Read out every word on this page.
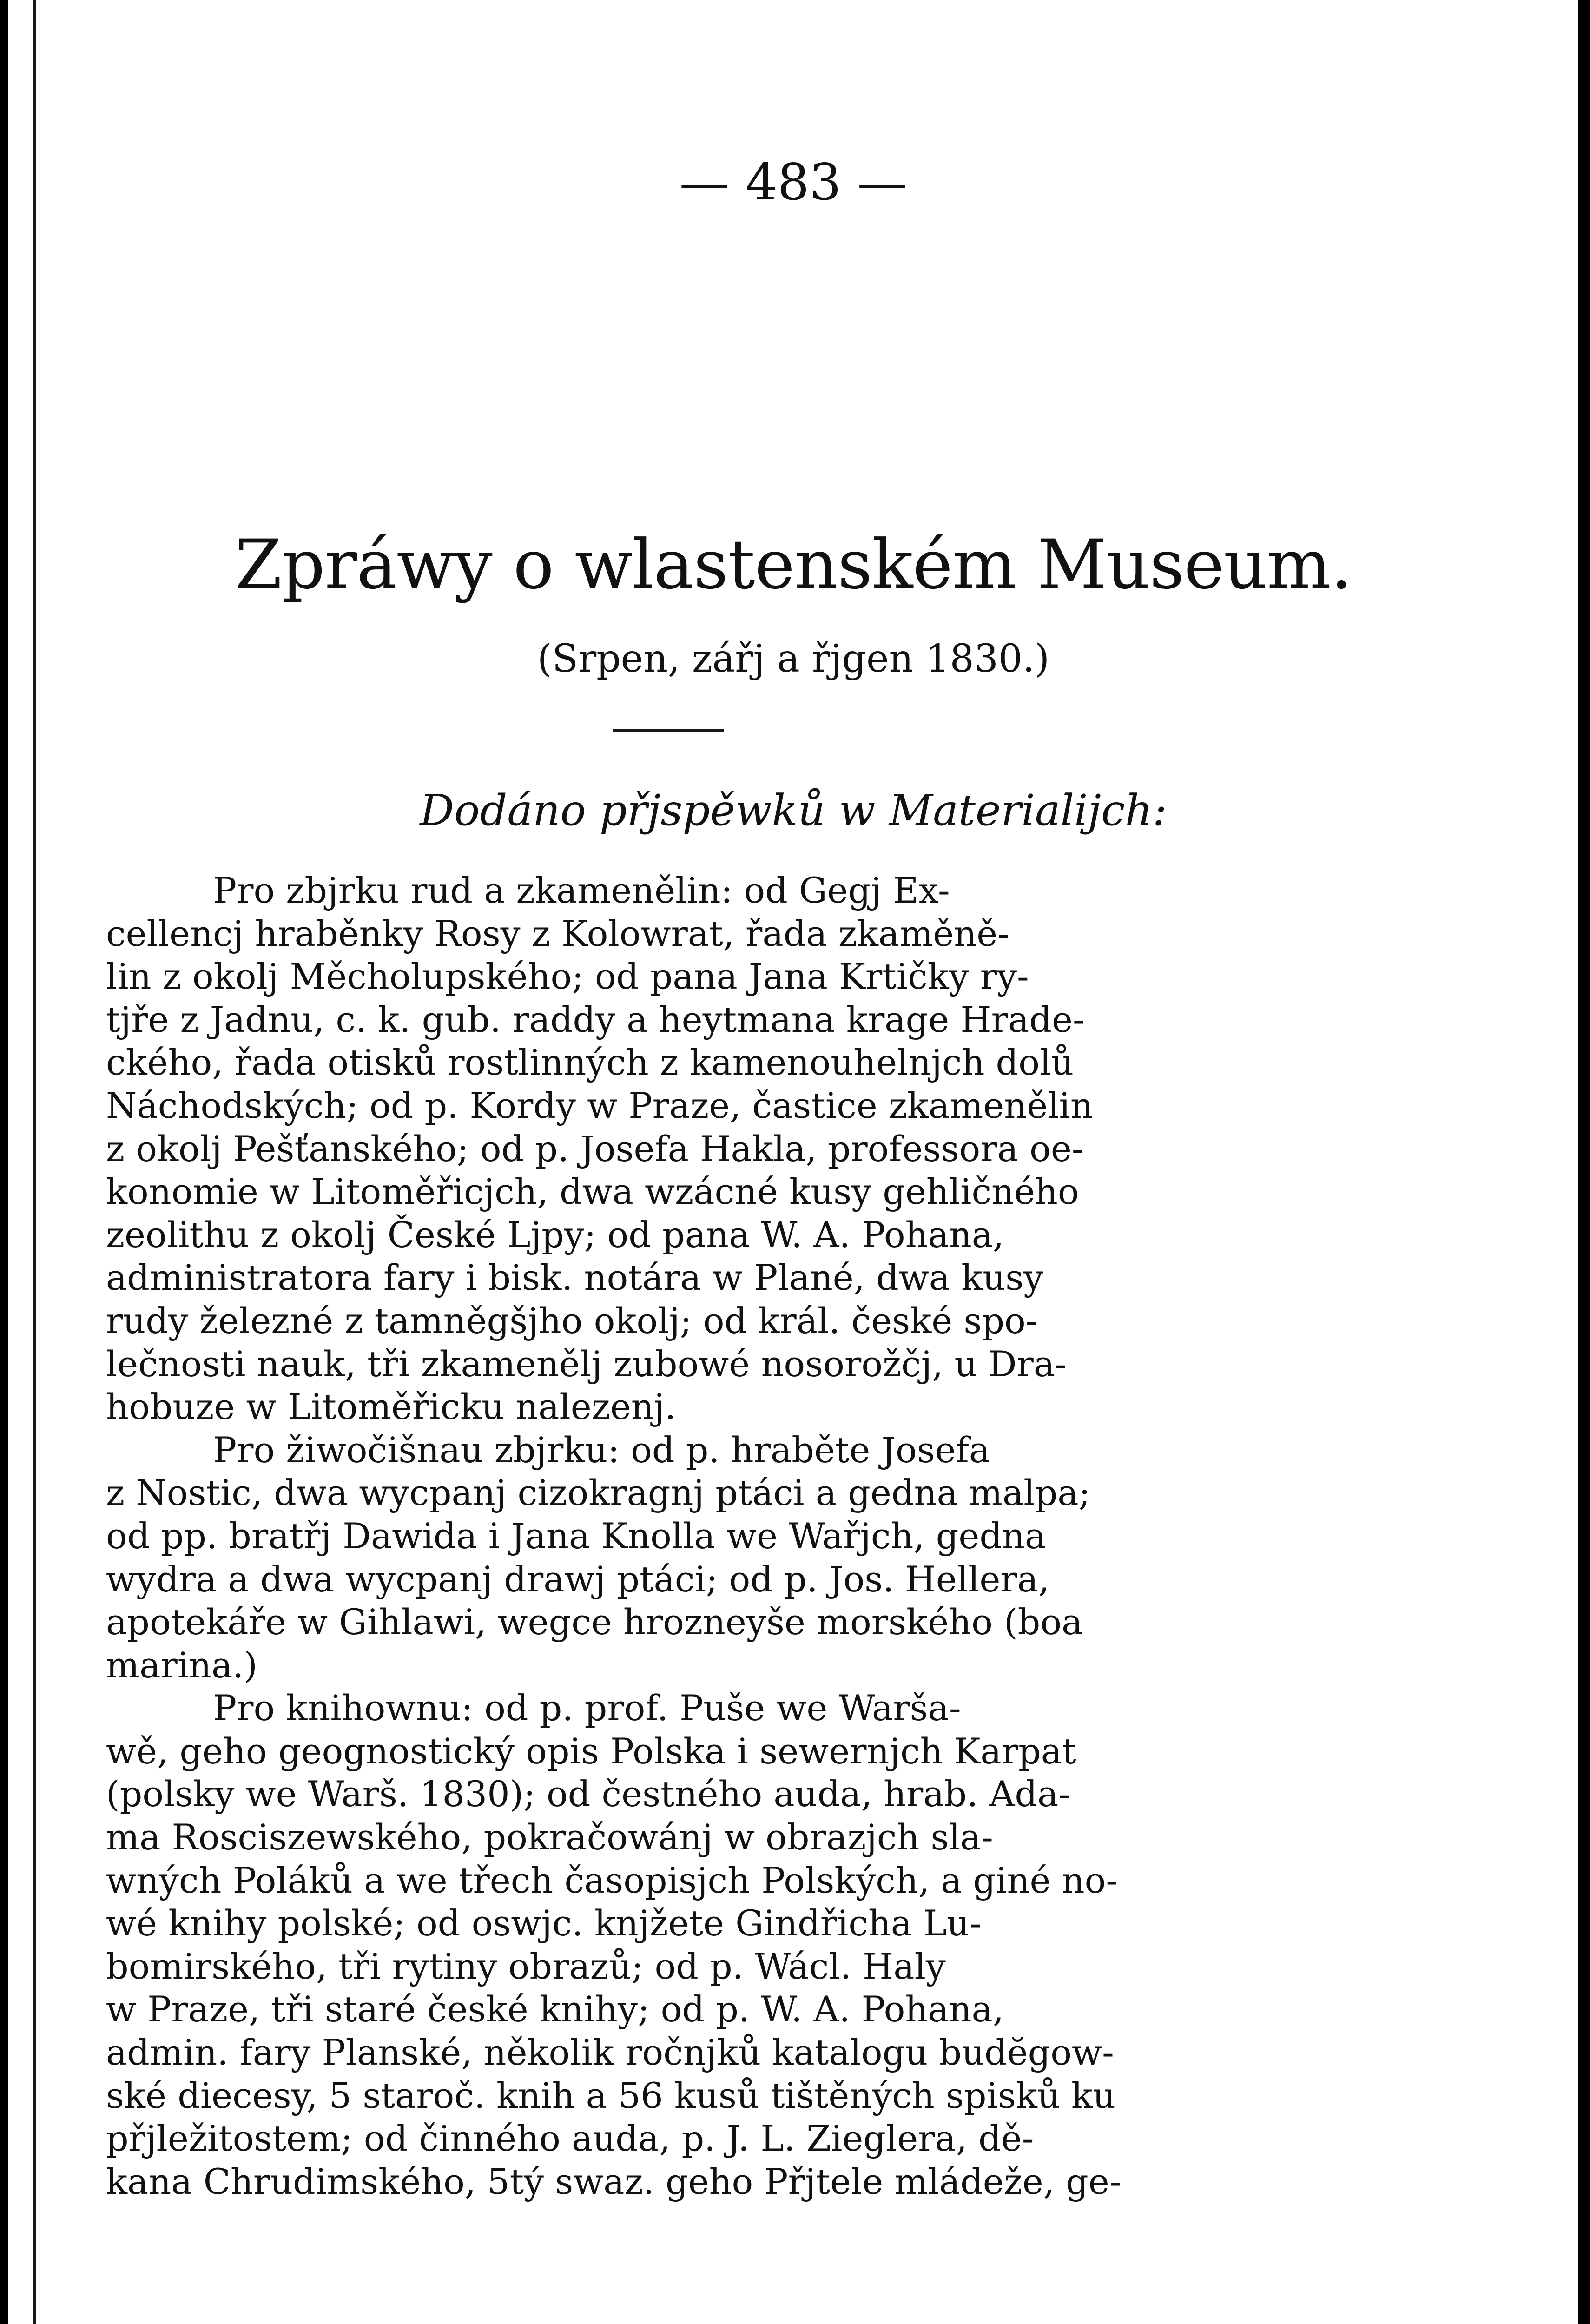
— 483 —
Zpráwy o wlastenském Museum.
(Srpen, zářj a řjgen 1830.)
Dodáno přjspěwků w Materialijch:
Pro zbjrku rud a zkamenělin: od Gegj Ex-
cellencj hraběnky Rosy z Kolowrat, řada zkaměně-
lin z okolj Měcholupského; od pana Jana Krtičky ry-
tjře z Jadnu, c. k. gub. raddy a heytmana krage Hrade-
ckého, řada otisků rostlinných z kamenouhelnjch dolů
Náchodských; od p. Kordy w Praze, častice zkamenělin
z okolj Pešťanského; od p. Josefa Hakla, professora oe-
konomie w Litoměřicjch, dwa wzácné kusy gehličného
zeolithu z okolj České Ljpy; od pana W. A. Pohana,
administratora fary i bisk. notára w Plané, dwa kusy
rudy železné z tamněgšjho okolj; od král. české spo-
lečnosti nauk, tři zkamenělj zubowé nosorožčj, u Dra-
hobuze w Litoměřicku nalezenj.
Pro žiwočišnau zbjrku: od p. hraběte Josefa
z Nostic, dwa wycpanj cizokragnj ptáci a gedna malpa;
od pp. bratřj Dawida i Jana Knolla we Wařjch, gedna
wydra a dwa wycpanj drawj ptáci; od p. Jos. Hellera,
apotekáře w Gihlawi, wegce hrozneyše morského (boa
marina.)
Pro knihownu: od p. prof. Puše we Warša-
wě, geho geognostický opis Polska i sewernjch Karpat
(polsky we Warš. 1830); od čestného auda, hrab. Ada-
ma Rosciszewského, pokračowánj w obrazjch sla-
wných Poláků a we třech časopisjch Polských, a giné no-
wé knihy polské; od oswjc. knjžete Gindřicha Lu-
bomirského, tři rytiny obrazů; od p. Wácl. Haly
w Praze, tři staré české knihy; od p. W. A. Pohana,
admin. fary Planské, několik ročnjků katalogu budĕgow-
ské diecesy, 5 staroč. knih a 56 kusů tištěných spisků ku
přjležitostem; od činného auda, p. J. L. Zieglera, dě-
kana Chrudimského, 5tý swaz. geho Přjtele mládeže, ge-
